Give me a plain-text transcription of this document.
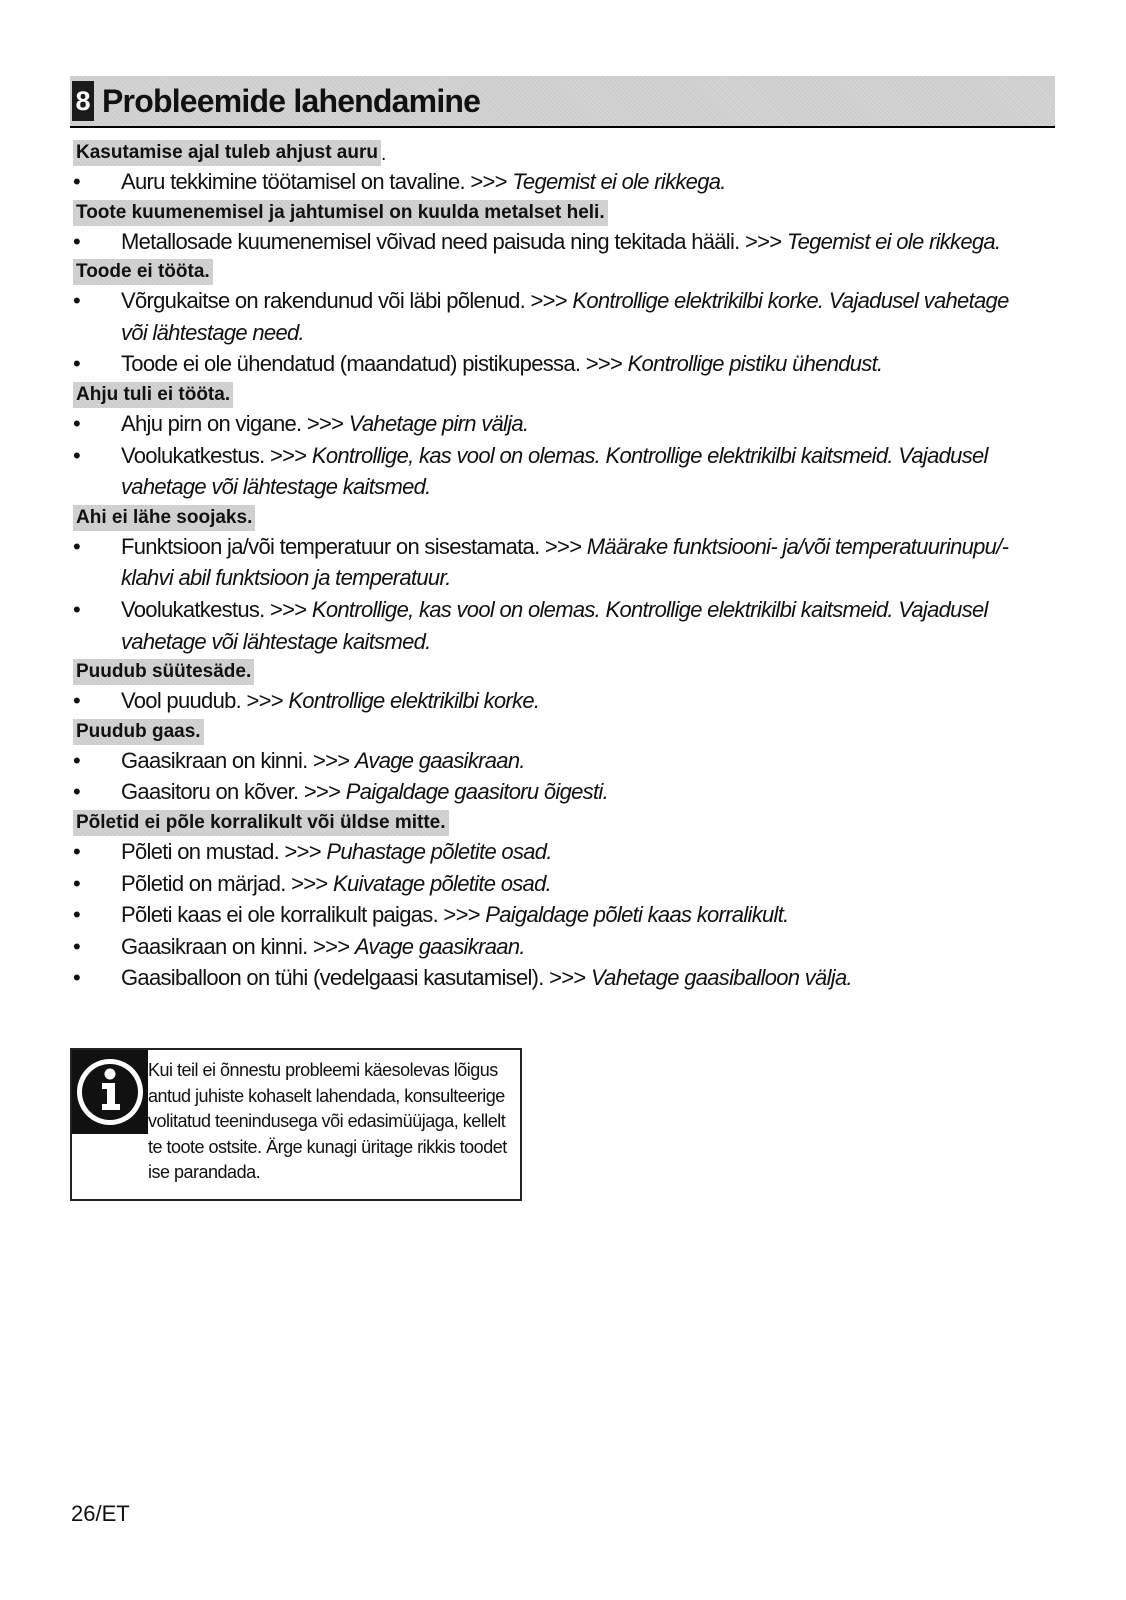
8 Probleemide lahendamine
Kasutamise ajal tuleb ahjust auru .
• Auru tekkimine töötamisel on tavaline. >>> Tegemist ei ole rikkega.
Toote kuumenemisel ja jahtumisel on kuulda metalset heli.
• Metallosade kuumenemisel võivad need paisuda ning tekitada hääli. >>> Tegemist ei ole rikkega.
Toode ei tööta.
• Võrgukaitse on rakendunud või läbi põlenud. >>> Kontrollige elektrikilbi korke. Vajadusel vahetage või lähtestage need.
• Toode ei ole ühendatud (maandatud) pistikupessa. >>> Kontrollige pistiku ühendust.
Ahju tuli ei tööta.
• Ahju pirn on vigane. >>> Vahetage pirn välja.
• Voolukatkestus. >>> Kontrollige, kas vool on olemas. Kontrollige elektrikilbi kaitsmeid. Vajadusel vahetage või lähtestage kaitsmed.
Ahi ei lähe soojaks.
• Funktsioon ja/või temperatuur on sisestamata. >>> Määrake funktsiooni- ja/või temperatuurinupu/-klahvi abil funktsioon ja temperatuur.
• Voolukatkestus. >>> Kontrollige, kas vool on olemas. Kontrollige elektrikilbi kaitsmeid. Vajadusel vahetage või lähtestage kaitsmed.
Puudub süütesäde.
• Vool puudub. >>> Kontrollige elektrikilbi korke.
Puudub gaas.
• Gaasikraan on kinni. >>> Avage gaasikraan.
• Gaasitoru on kõver. >>> Paigaldage gaasitoru õigesti.
Põletid ei põle korralikult või üldse mitte.
• Põleti on mustad. >>> Puhastage põletite osad.
• Põletid on märjad. >>> Kuivatage põletite osad.
• Põleti kaas ei ole korralikult paigas. >>> Paigaldage põleti kaas korralikult.
• Gaasikraan on kinni. >>> Avage gaasikraan.
• Gaasiballoon on tühi (vedelgaasi kasutamisel). >>> Vahetage gaasiballoon välja.
Kui teil ei õnnestu probleemi käesolevas lõigus antud juhiste kohaselt lahendada, konsulteerige volitatud teenindusega või edasimüüjaga, kellelt te toote ostsite. Ärge kunagi üritage rikkis toodet ise parandada.
26/ET
